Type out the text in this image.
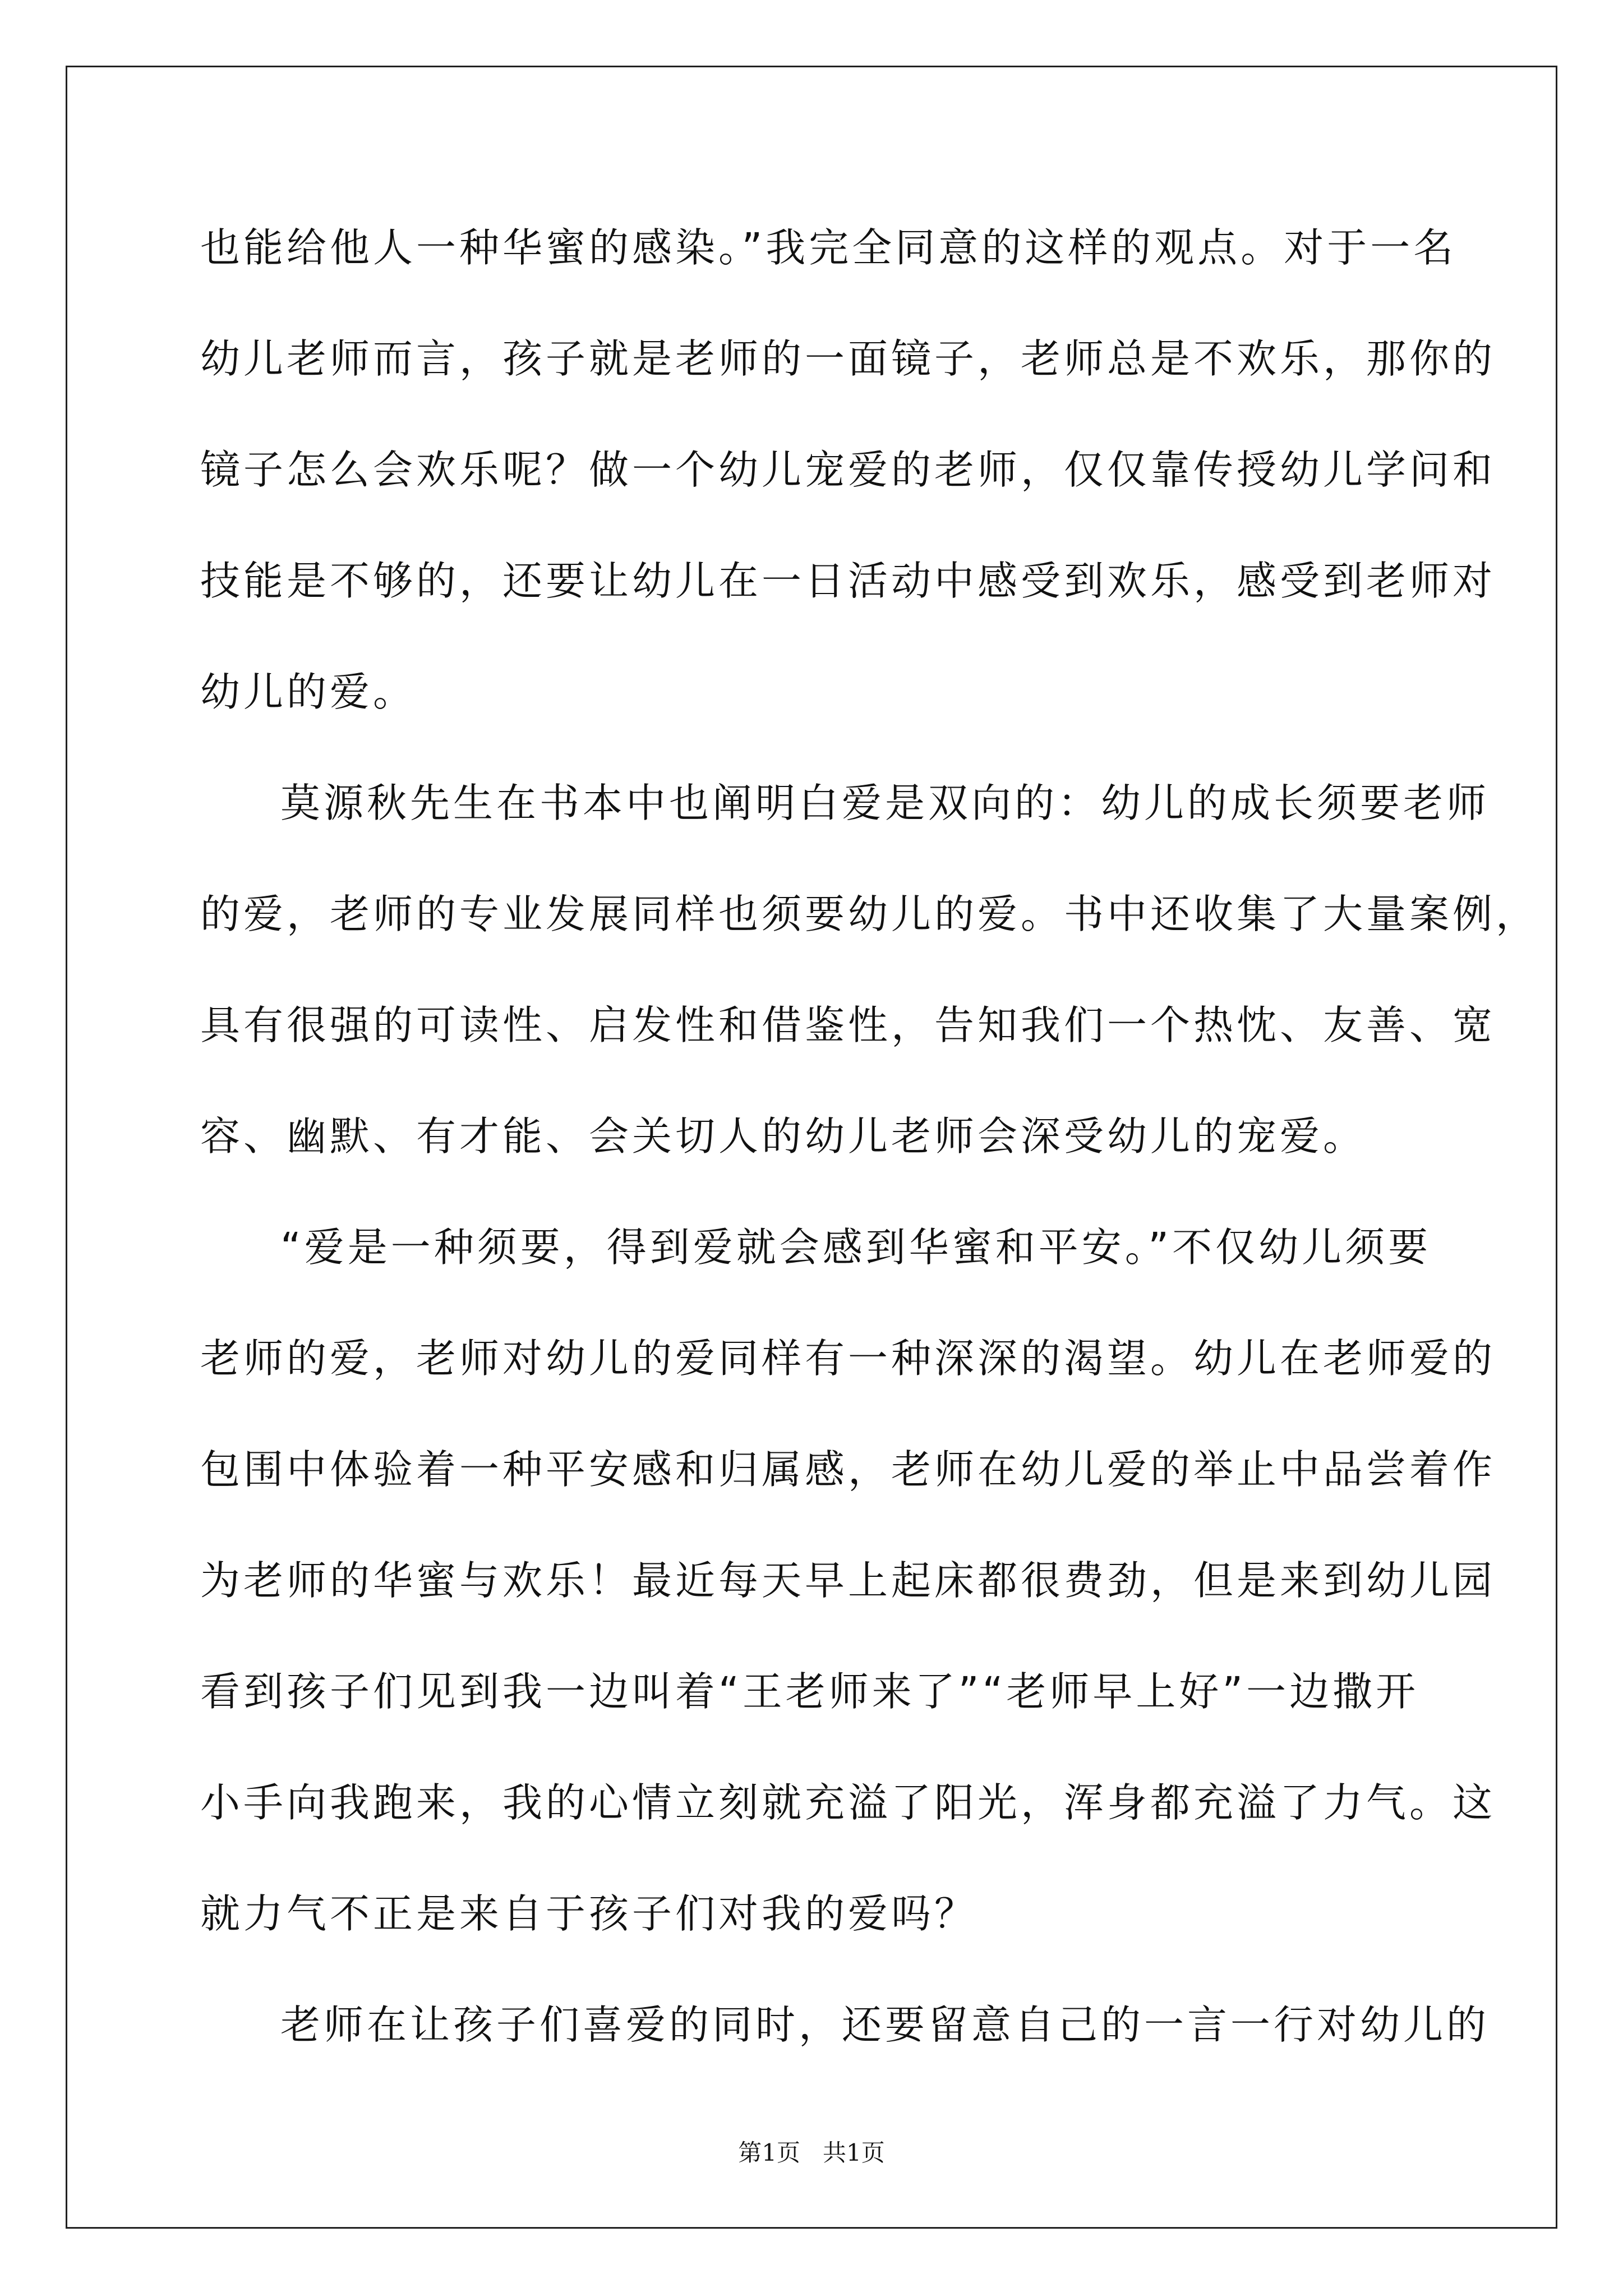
也能给他人一种华蜜的感染。”我完全同意的这样的观点。对于一名

幼儿老师而言，孩子就是老师的一面镜子，老师总是不欢乐，那你的

镜子怎么会欢乐呢？做一个幼儿宠爱的老师，仅仅靠传授幼儿学问和

技能是不够的，还要让幼儿在一日活动中感受到欢乐，感受到老师对

幼儿的爱。

莫源秋先生在书本中也阐明白爱是双向的：幼儿的成长须要老师

的爱，老师的专业发展同样也须要幼儿的爱。书中还收集了大量案例，

具有很强的可读性、启发性和借鉴性，告知我们一个热忱、友善、宽

容、幽默、有才能、会关切人的幼儿老师会深受幼儿的宠爱。

“爱是一种须要，得到爱就会感到华蜜和平安。”不仅幼儿须要

老师的爱，老师对幼儿的爱同样有一种深深的渴望。幼儿在老师爱的

包围中体验着一种平安感和归属感，老师在幼儿爱的举止中品尝着作

为老师的华蜜与欢乐！最近每天早上起床都很费劲，但是来到幼儿园

看到孩子们见到我一边叫着“王老师来了”“老师早上好”一边撒开

小手向我跑来，我的心情立刻就充溢了阳光，浑身都充溢了力气。这

就力气不正是来自于孩子们对我的爱吗？

老师在让孩子们喜爱的同时，还要留意自己的一言一行对幼儿的

第1页 共1页
